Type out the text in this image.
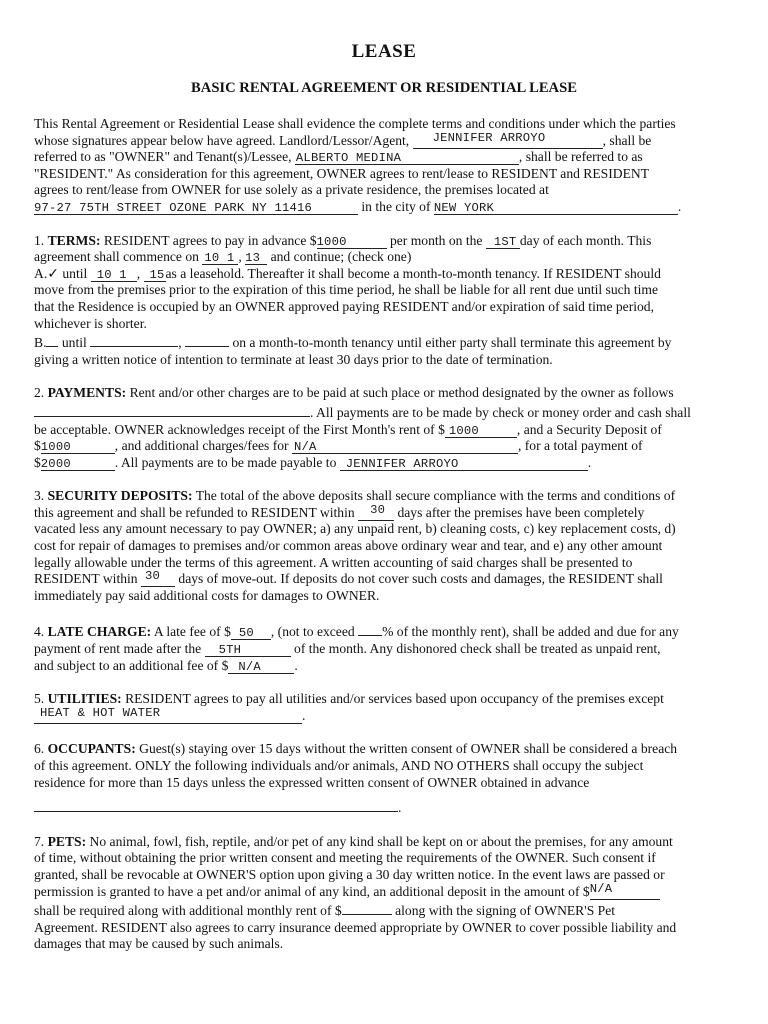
LEASE
BASIC RENTAL AGREEMENT OR RESIDENTIAL LEASE
This Rental Agreement or Residential Lease shall evidence the complete terms and conditions under which the parties
whose signatures appear below have agreed. Landlord/Lessor/Agent, JENNIFER ARROYO	, shall be
referred to as "OWNER" and Tenant(s)/Lessee, ALBERTO MEDINA	, shall be referred to as
"RESIDENT." As consideration for this agreement, OWNER agrees to rent/lease to RESIDENT and RESIDENT
agrees to rent/lease from OWNER for use solely as a private residence, the premises located at
97-27 75TH STREET OZONE PARK NY 11416	in the city of NEW YORK	.
1. TERMS: RESIDENT agrees to pay in advance $1000	per month on the 1ST day of each month. This
agreement shall commence on 10 1 , 13 and continue; (check one)
A.✓ until 10 1 , 15as a leasehold. Thereafter it shall become a month-to-month tenancy. If RESIDENT should
move from the premises prior to the expiration of this time period, he shall be liable for all rent due until such time
that the Residence is occupied by an OWNER approved paying RESIDENT and/or expiration of said time period,
whichever is shorter.
B. until	,	on a month-to-month tenancy until either party shall terminate this agreement by
giving a written notice of intention to terminate at least 30 days prior to the date of termination.
2. PAYMENTS: Rent and/or other charges are to be paid at such place or method designated by the owner as follows
. All payments are to be made by check or money order and cash shall
be acceptable. OWNER acknowledges receipt of the First Month's rent of $ 1000	, and a Security Deposit of
$1000	, and additional charges/fees for N/A	, for a total payment of
$2000	. All payments are to be made payable to JENNIFER ARROYO	.
3. SECURITY DEPOSITS: The total of the above deposits shall secure compliance with the terms and conditions of
this agreement and shall be refunded to RESIDENT within 30 days after the premises have been completely
vacated less any amount necessary to pay OWNER; a) any unpaid rent, b) cleaning costs, c) key replacement costs, d)
cost for repair of damages to premises and/or common areas above ordinary wear and tear, and e) any other amount
legally allowable under the terms of this agreement. A written accounting of said charges shall be presented to
RESIDENT within 30 days of move-out. If deposits do not cover such costs and damages, the RESIDENT shall
immediately pay said additional costs for damages to OWNER.
4. LATE CHARGE: A late fee of $ 50 , (not to exceed % of the monthly rent), shall be added and due for any
payment of rent made after the 5TH	of the month. Any dishonored check shall be treated as unpaid rent,
and subject to an additional fee of $ N/A .
5. UTILITIES: RESIDENT agrees to pay all utilities and/or services based upon occupancy of the premises except
HEAT & HOT WATER	.
6. OCCUPANTS: Guest(s) staying over 15 days without the written consent of OWNER shall be considered a breach
of this agreement. ONLY the following individuals and/or animals, AND NO OTHERS shall occupy the subject
residence for more than 15 days unless the expressed written consent of OWNER obtained in advance
.
7. PETS: No animal, fowl, fish, reptile, and/or pet of any kind shall be kept on or about the premises, for any amount
of time, without obtaining the prior written consent and meeting the requirements of the OWNER. Such consent if
granted, shall be revocable at OWNER'S option upon giving a 30 day written notice. In the event laws are passed or
permission is granted to have a pet and/or animal of any kind, an additional deposit in the amount of $N/A
shall be required along with additional monthly rent of $	along with the signing of OWNER'S Pet
Agreement. RESIDENT also agrees to carry insurance deemed appropriate by OWNER to cover possible liability and
damages that may be caused by such animals.
